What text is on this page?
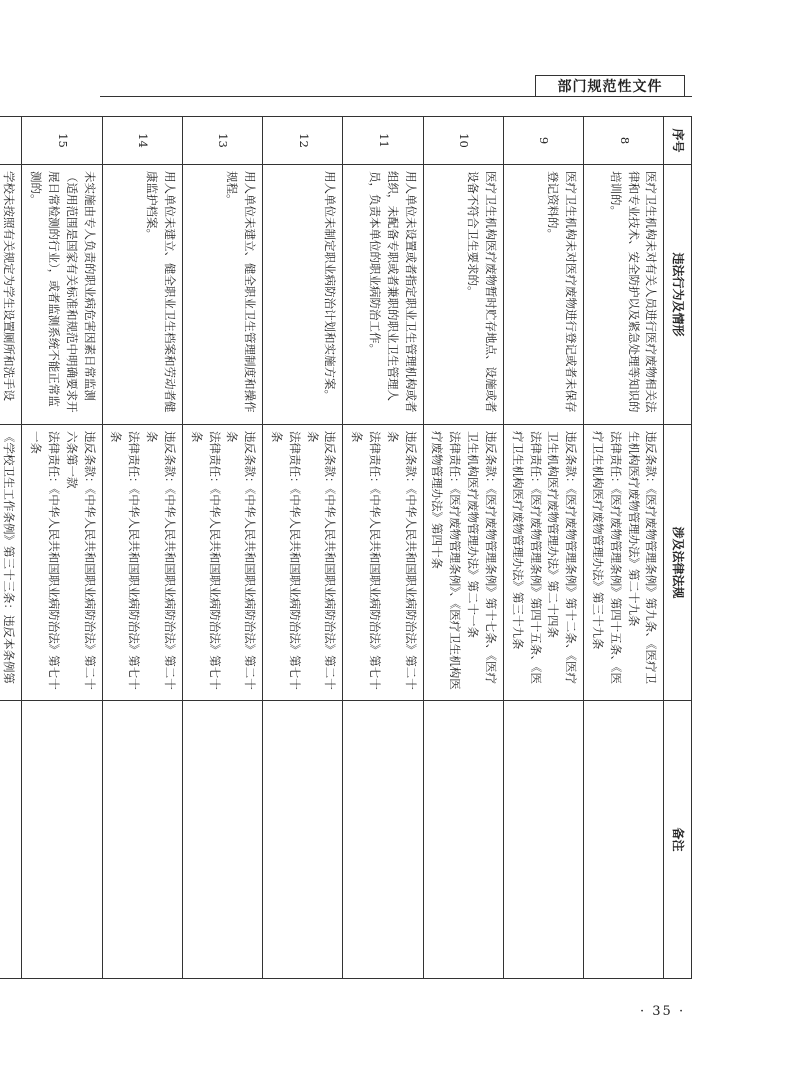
部门规范性文件
序号	违法行为及情形	涉及法律法规	备注
8	医疗卫生机构未对有关人员进行医疗废物相关法律和专业技术、安全防护以及紧急处理等知识的培训的。	违反条款：《医疗废物管理条例》第九条、《医疗卫生机构医疗废物管理办法》第二十九条
法律责任：《医疗废物管理条例》第四十五条、《医疗卫生机构医疗废物管理办法》第三十九条	

9	医疗卫生机构未对医疗废物进行登记或者未保存登记资料的。	违反条款：《医疗废物管理条例》第十二条、《医疗卫生机构医疗废物管理办法》第二十四条
法律责任：《医疗废物管理条例》第四十五条、《医疗卫生机构医疗废物管理办法》第三十九条	

10	医疗卫生机构医疗废物暂时贮存地点、设施或者设备不符合卫生要求的。	违反条款：《医疗废物管理条例》第十七条、《医疗卫生机构医疗废物管理办法》第二十一条
法律责任：《医疗废物管理条例》、《医疗卫生机构医疗废物管理办法》第四十条	

11	用人单位未设置或者指定职业卫生管理机构或者组织，未配备专职或者兼职的职业卫生管理人员，负责本单位的职业病防治工作。	违反条款：《中华人民共和国职业病防治法》第二十条
法律责任：《中华人民共和国职业病防治法》第七十条	

12	用人单位未制定职业病防治计划和实施方案。	违反条款：《中华人民共和国职业病防治法》第二十条
法律责任：《中华人民共和国职业病防治法》第七十条	

13	用人单位未建立、健全职业卫生管理制度和操作规程。	违反条款：《中华人民共和国职业病防治法》第二十条
法律责任：《中华人民共和国职业病防治法》第七十条	

14	用人单位未建立、健全职业卫生档案和劳动者健康监护档案。	违反条款：《中华人民共和国职业病防治法》第二十条
法律责任：《中华人民共和国职业病防治法》第七十条	

15	未实施由专人负责的职业病危害因素日常监测（适用范围是国家有关标准和规范中明确要求开展日常检测的行业），或者监测系统不能正常监测的。	违反条款：《中华人民共和国职业病防治法》第二十六条第一款
法律责任：《中华人民共和国职业病防治法》第七十一条	

	学校未按照有关规定为学生设置厕所和洗手设	《学校卫生工作条例》第三十三条：违反本条例第	

· 35 ·
